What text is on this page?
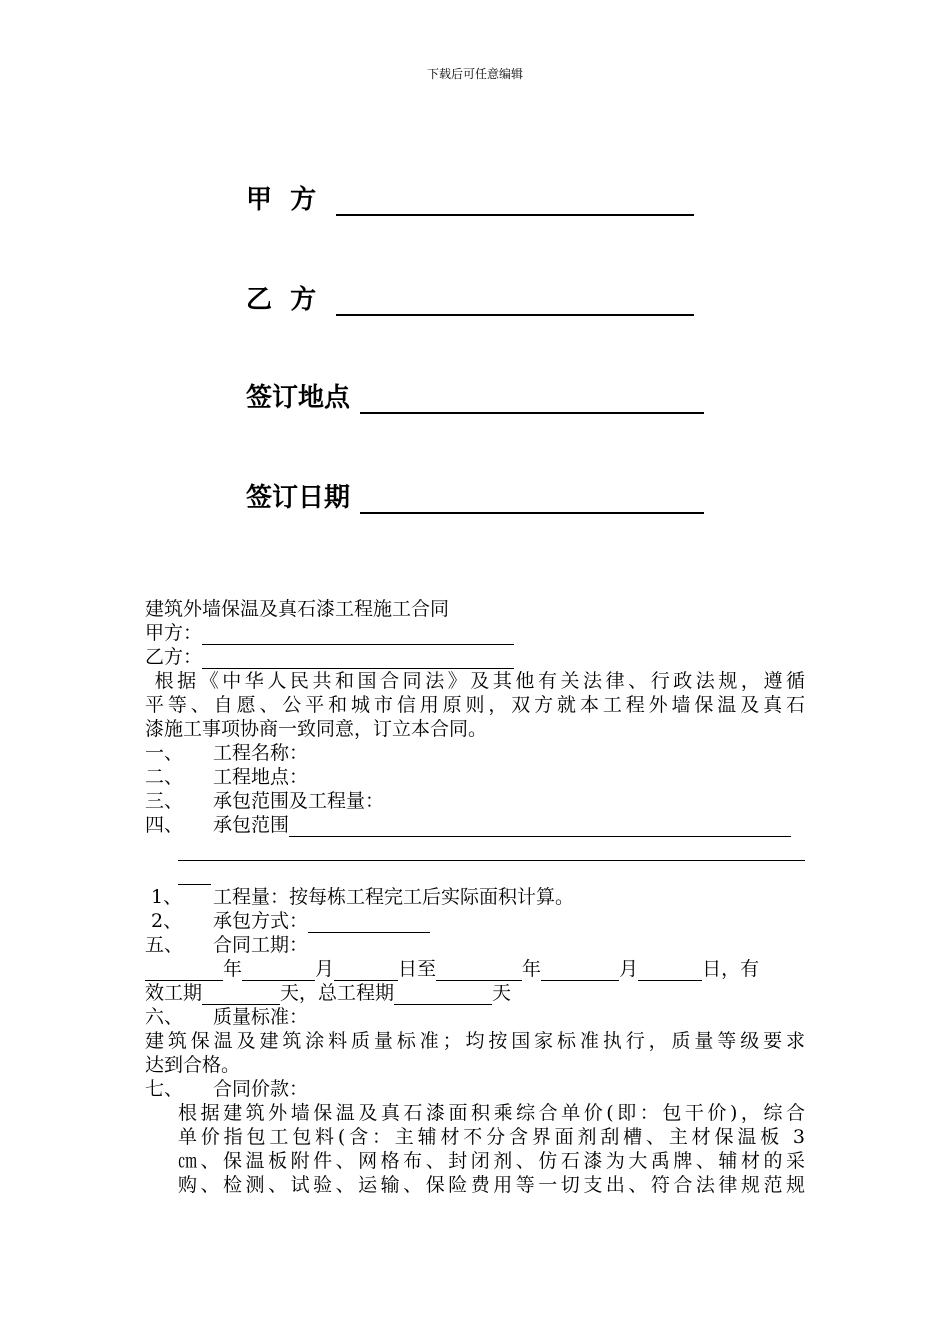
下载后可任意编辑
甲  方
乙  方
签订地点
签订日期
建筑外墙保温及真石漆工程施工合同
甲方：
乙方：
根据《中华人民共和国合同法》及其他有关法律、行政法规，遵循
平等、自愿、公平和城市信用原则，双方就本工程外墙保温及真石
漆施工事项协商一致同意，订立本合同。
一、 工程名称：
二、 工程地点：
三、 承包范围及工程量：
四、 承包范围
1、 工程量：按每栋工程完工后实际面积计算。
2、 承包方式：
五、 合同工期：
年	月	日至	年	月	日，有
效工期	天，总工程期	天
六、 质量标准：
建筑保温及建筑涂料质量标准；均按国家标准执行，质量等级要求
达到合格。
七、 合同价款：
根据建筑外墙保温及真石漆面积乘综合单价(即：包干价)，综合
单价指包工包料(含：主辅材不分含界面剂刮槽、主材保温板 3
㎝、保温板附件、网格布、封闭剂、仿石漆为大禹牌、辅材的采
购、检测、试验、运输、保险费用等一切支出、符合法律规范规
